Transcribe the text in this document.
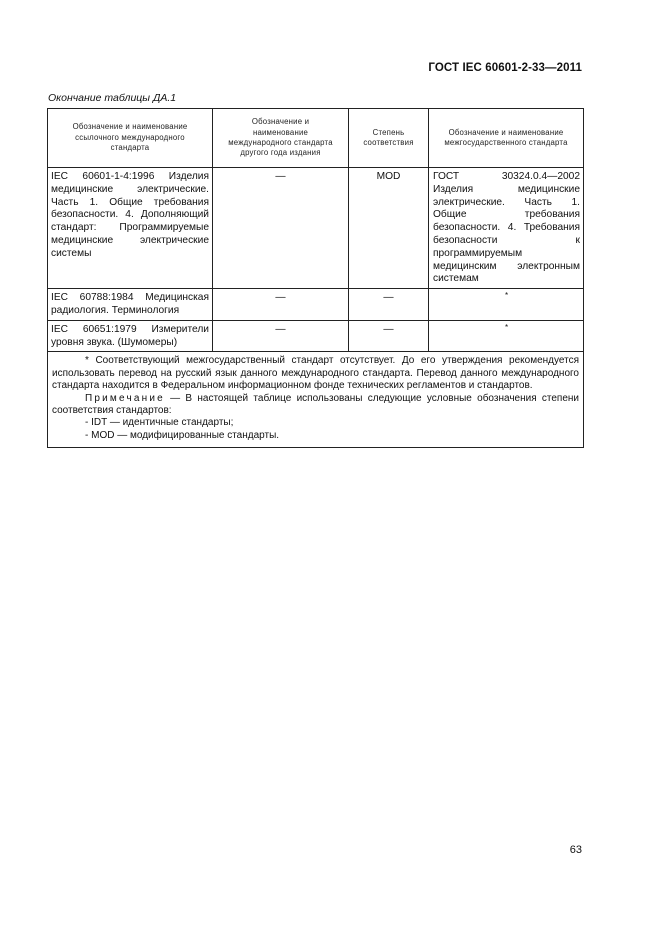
ГОСТ IEC 60601-2-33—2011
Окончание таблицы ДА.1
Обозначение и наименование ссылочного международного стандарта	Обозначение и наименование международного стандарта другого года издания	Степень соответствия	Обозначение и наименование межгосударственного стандарта
IEC 60601-1-4:1996 Изделия медицинские электрические. Часть 1. Общие требования безопасности. 4. Дополняющий стандарт: Программируемые медицинские электрические системы	—	MOD	ГОСТ 30324.0.4—2002 Изделия медицинские электрические. Часть 1. Общие требования безопасности. 4. Требования безопасности к программируемым медицинским электронным системам
IEC 60788:1984 Медицинская радиология. Терминология	—	—	*
IEC 60651:1979 Измерители уровня звука. (Шумомеры)	—	—	*

* Соответствующий межгосударственный стандарт отсутствует. До его утверждения рекомендуется использовать перевод на русский язык данного международного стандарта. Перевод данного международного стандарта находится в Федеральном информационном фонде технических регламентов и стандартов.

Примечание — В настоящей таблице использованы следующие условные обозначения степени соответствия стандартов:

- IDT — идентичные стандарты;

- MOD — модифицированные стандарты.			

63
